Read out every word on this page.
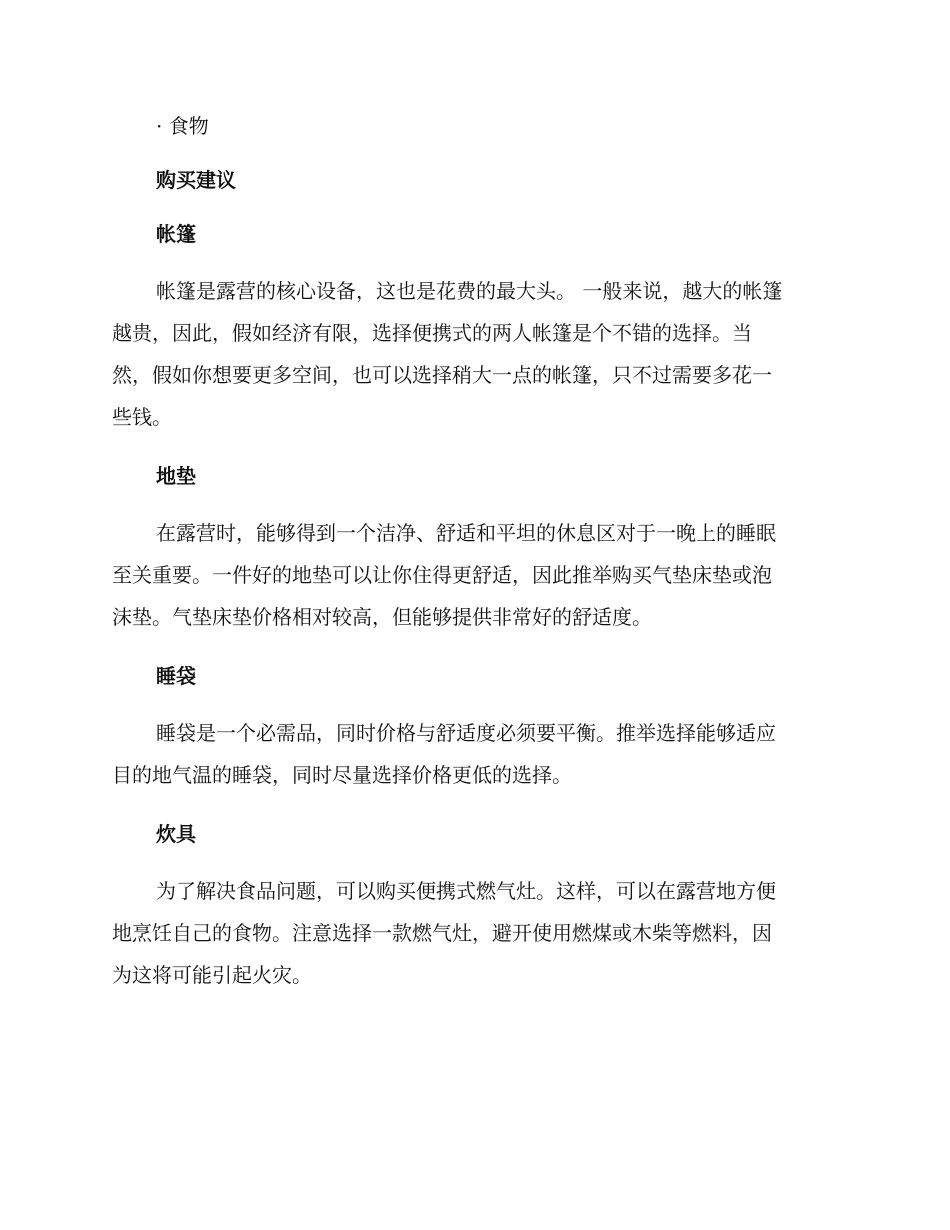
· 食物
购买建议
帐篷
帐篷是露营的核心设备，这也是花费的最大头。 一般来说，越大的帐篷
越贵，因此，假如经济有限，选择便携式的两人帐篷是个不错的选择。当
然，假如你想要更多空间，也可以选择稍大一点的帐篷，只不过需要多花一
些钱。
地垫
在露营时，能够得到一个洁净、舒适和平坦的休息区对于一晚上的睡眠
至关重要。一件好的地垫可以让你住得更舒适，因此推举购买气垫床垫或泡
沫垫。气垫床垫价格相对较高，但能够提供非常好的舒适度。
睡袋
睡袋是一个必需品，同时价格与舒适度必须要平衡。推举选择能够适应
目的地气温的睡袋，同时尽量选择价格更低的选择。
炊具
为了解决食品问题，可以购买便携式燃气灶。这样，可以在露营地方便
地烹饪自己的食物。注意选择一款燃气灶，避开使用燃煤或木柴等燃料，因
为这将可能引起火灾。
